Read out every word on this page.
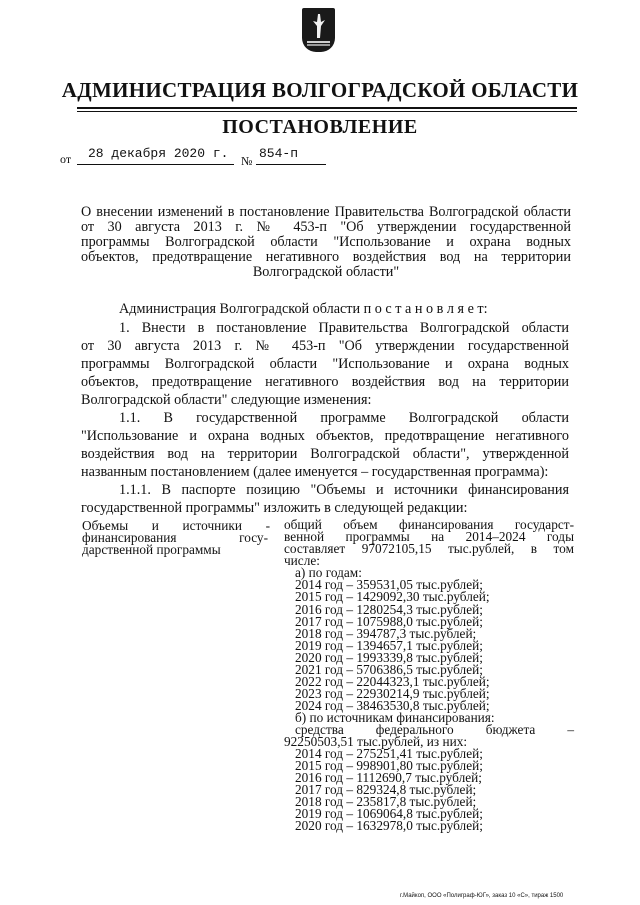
АДМИНИСТРАЦИЯ ВОЛГОГРАДСКОЙ ОБЛАСТИ
ПОСТАНОВЛЕНИЕ
от 28 декабря 2020 г. № 854-п
О внесении изменений в постановление Правительства Волгоградской области
от 30 августа 2013 г. № 453-п "Об утверждении государственной
программы Волгоградской области "Использование и охрана водных
объектов, предотвращение негативного воздействия вод на территории
Волгоградской области"
Администрация Волгоградской области п о с т а н о в л я е т:
1. Внести в постановление Правительства Волгоградской области
от 30 августа 2013 г. № 453-п "Об утверждении государственной
программы Волгоградской области "Использование и охрана водных
объектов, предотвращение негативного воздействия вод на территории
Волгоградской области" следующие изменения:
1.1. В государственной программе Волгоградской области
"Использование и охрана водных объектов, предотвращение негативного
воздействия вод на территории Волгоградской области", утвержденной
названным постановлением (далее именуется – государственная программа):
1.1.1. В паспорте позицию "Объемы и источники финансирования
государственной программы" изложить в следующей редакции:
Объемы и источники -
финансирования госу-
дарственной программы
общий объем финансирования государст-
венной программы на 2014–2024 годы
составляет 97072105,15 тыс.рублей, в том
числе:
а) по годам:
2014 год – 359531,05 тыс.рублей;
2015 год – 1429092,30 тыс.рублей;
2016 год – 1280254,3 тыс.рублей;
2017 год – 1075988,0 тыс.рублей;
2018 год – 394787,3 тыс.рублей;
2019 год – 1394657,1 тыс.рублей;
2020 год – 1993339,8 тыс.рублей;
2021 год – 5706386,5 тыс.рублей;
2022 год – 22044323,1 тыс.рублей;
2023 год – 22930214,9 тыс.рублей;
2024 год – 38463530,8 тыс.рублей;
б) по источникам финансирования:
средства федерального бюджета –
92250503,51 тыс.рублей, из них:
2014 год – 275251,41 тыс.рублей;
2015 год – 998901,80 тыс.рублей;
2016 год – 1112690,7 тыс.рублей;
2017 год – 829324,8 тыс.рублей;
2018 год – 235817,8 тыс.рублей;
2019 год – 1069064,8 тыс.рублей;
2020 год – 1632978,0 тыс.рублей;
г.Майкоп, ООО «Полиграф-ЮГ», заказ 10 «С», тираж 1500
